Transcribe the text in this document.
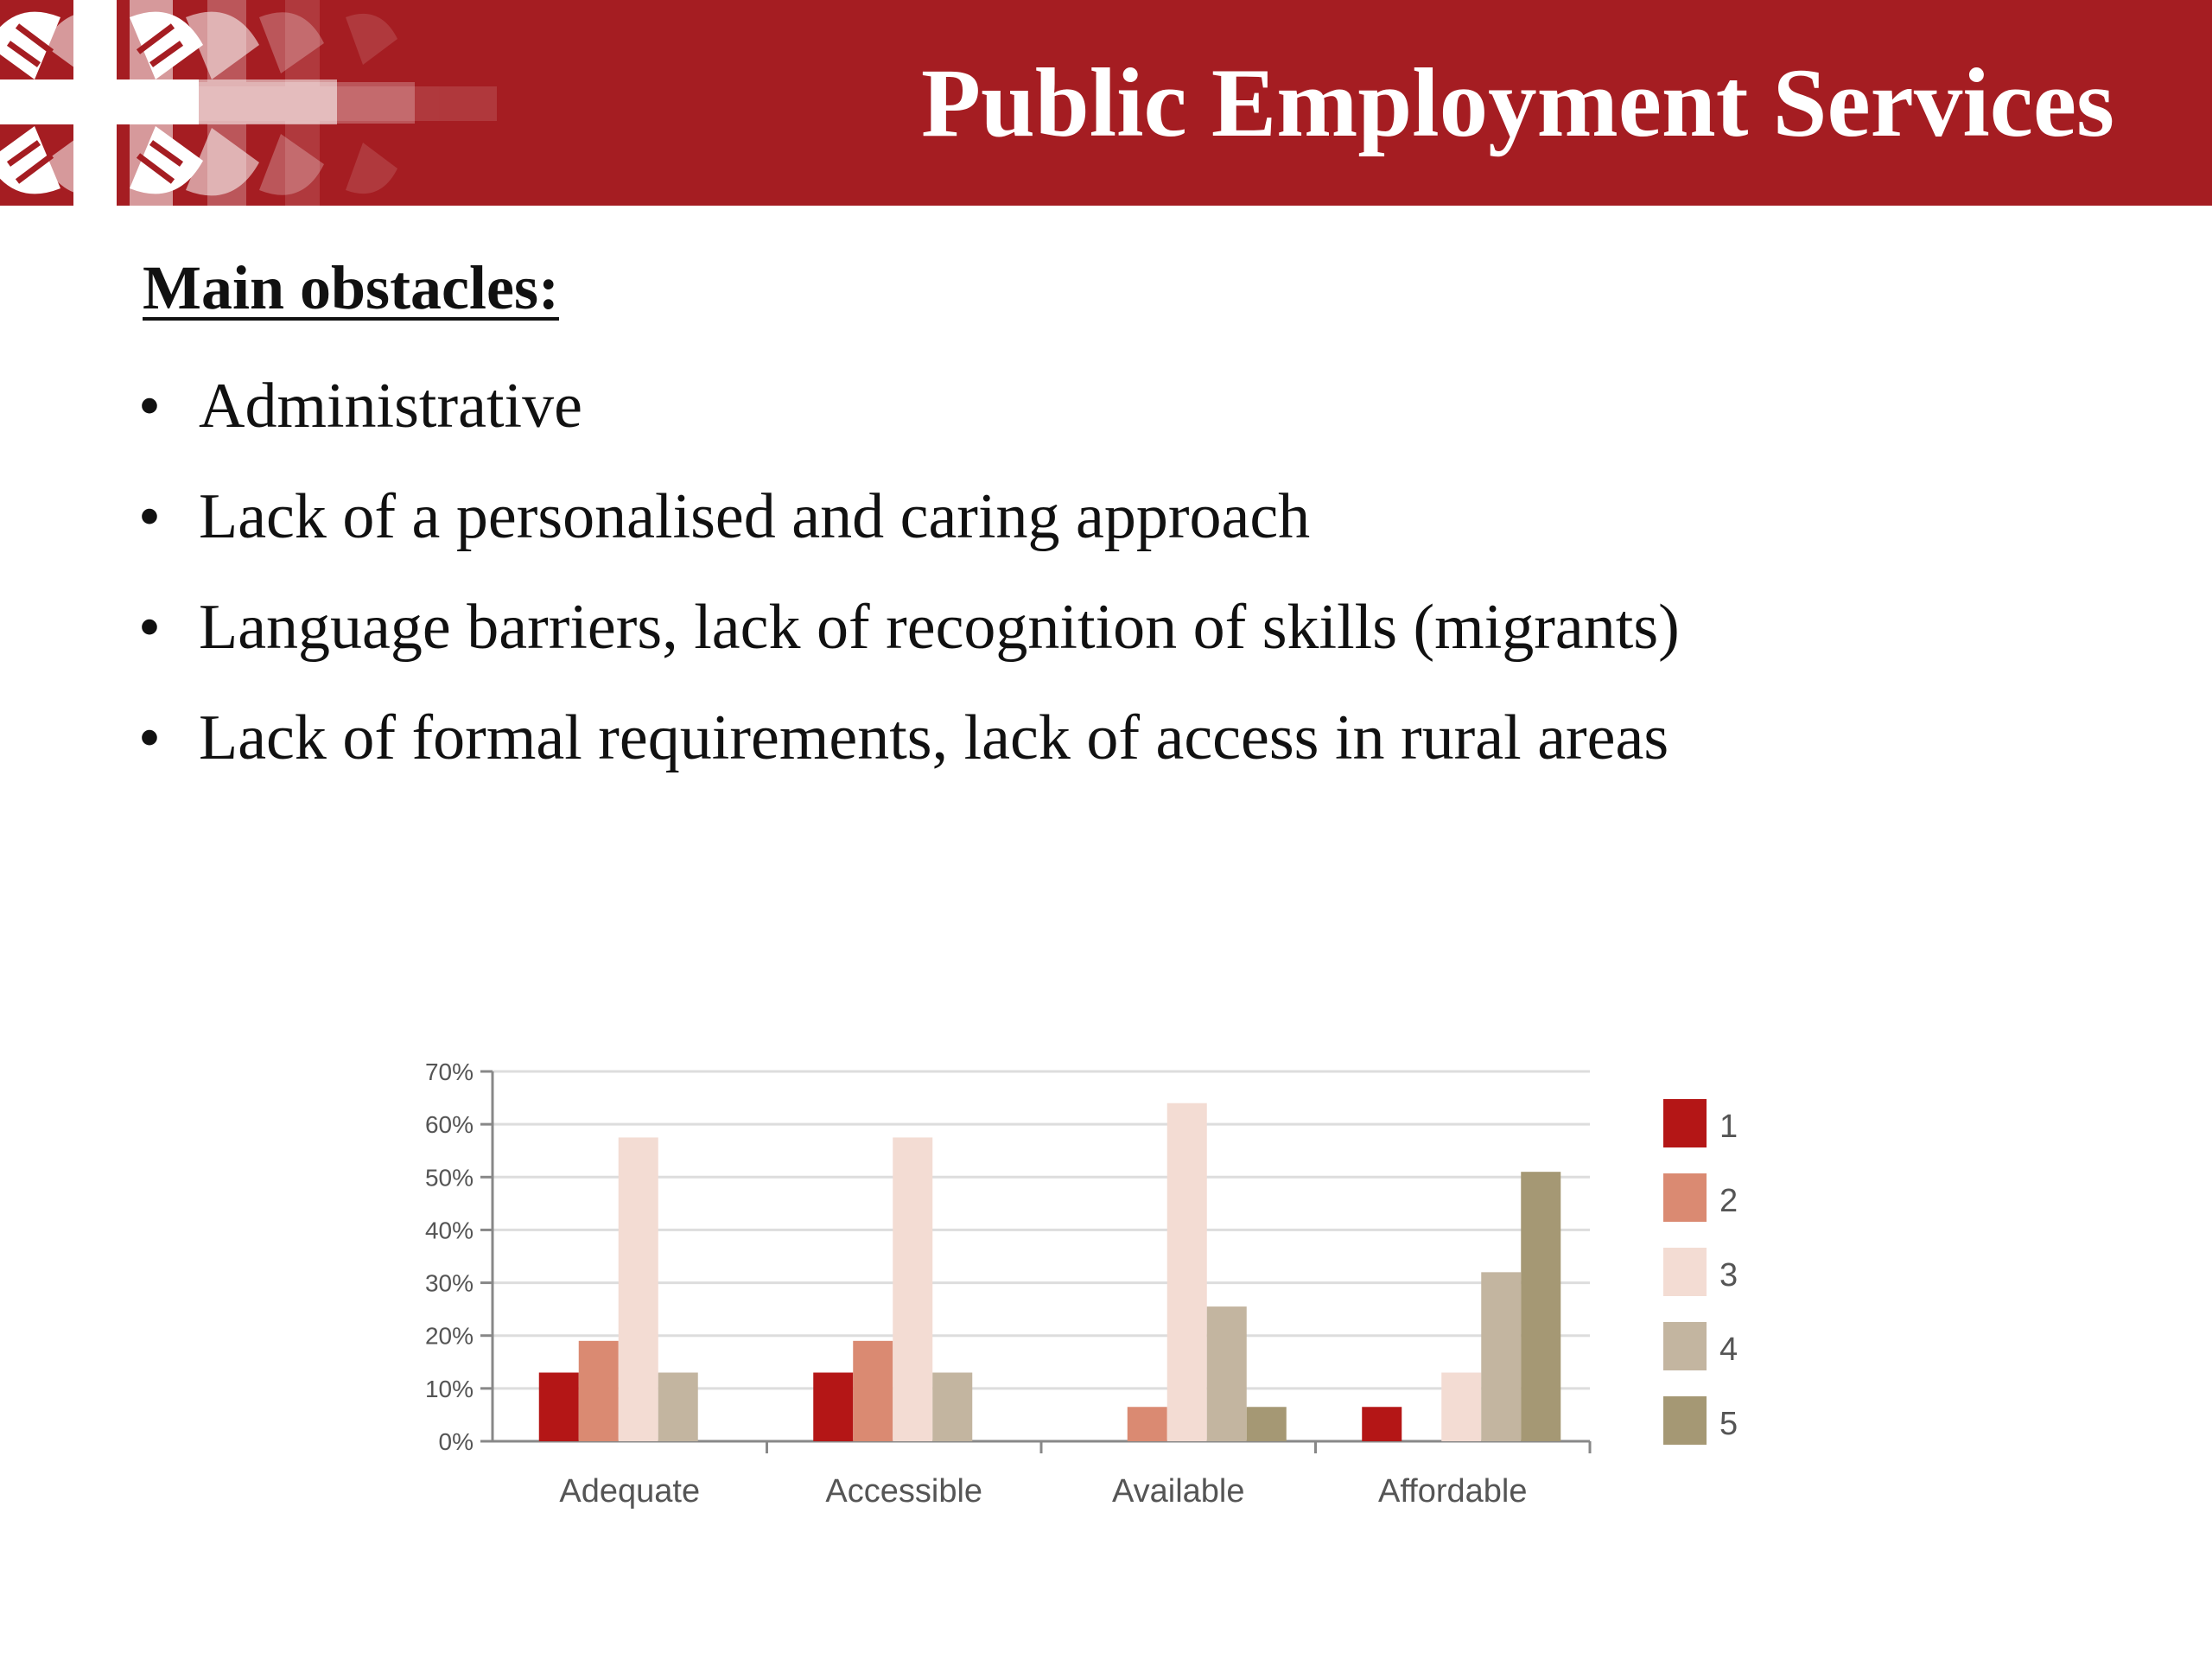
Public Employment Services
Main obstacles:
• Administrative
• Lack of a personalised and caring approach
• Language barriers, lack of recognition of skills (migrants)
• Lack of formal requirements, lack of access in rural areas
0%
10%
20%
30%
40%
50%
60%
70%
Adequate	Accessible	Available	Affordable
1
2
3
4
5
